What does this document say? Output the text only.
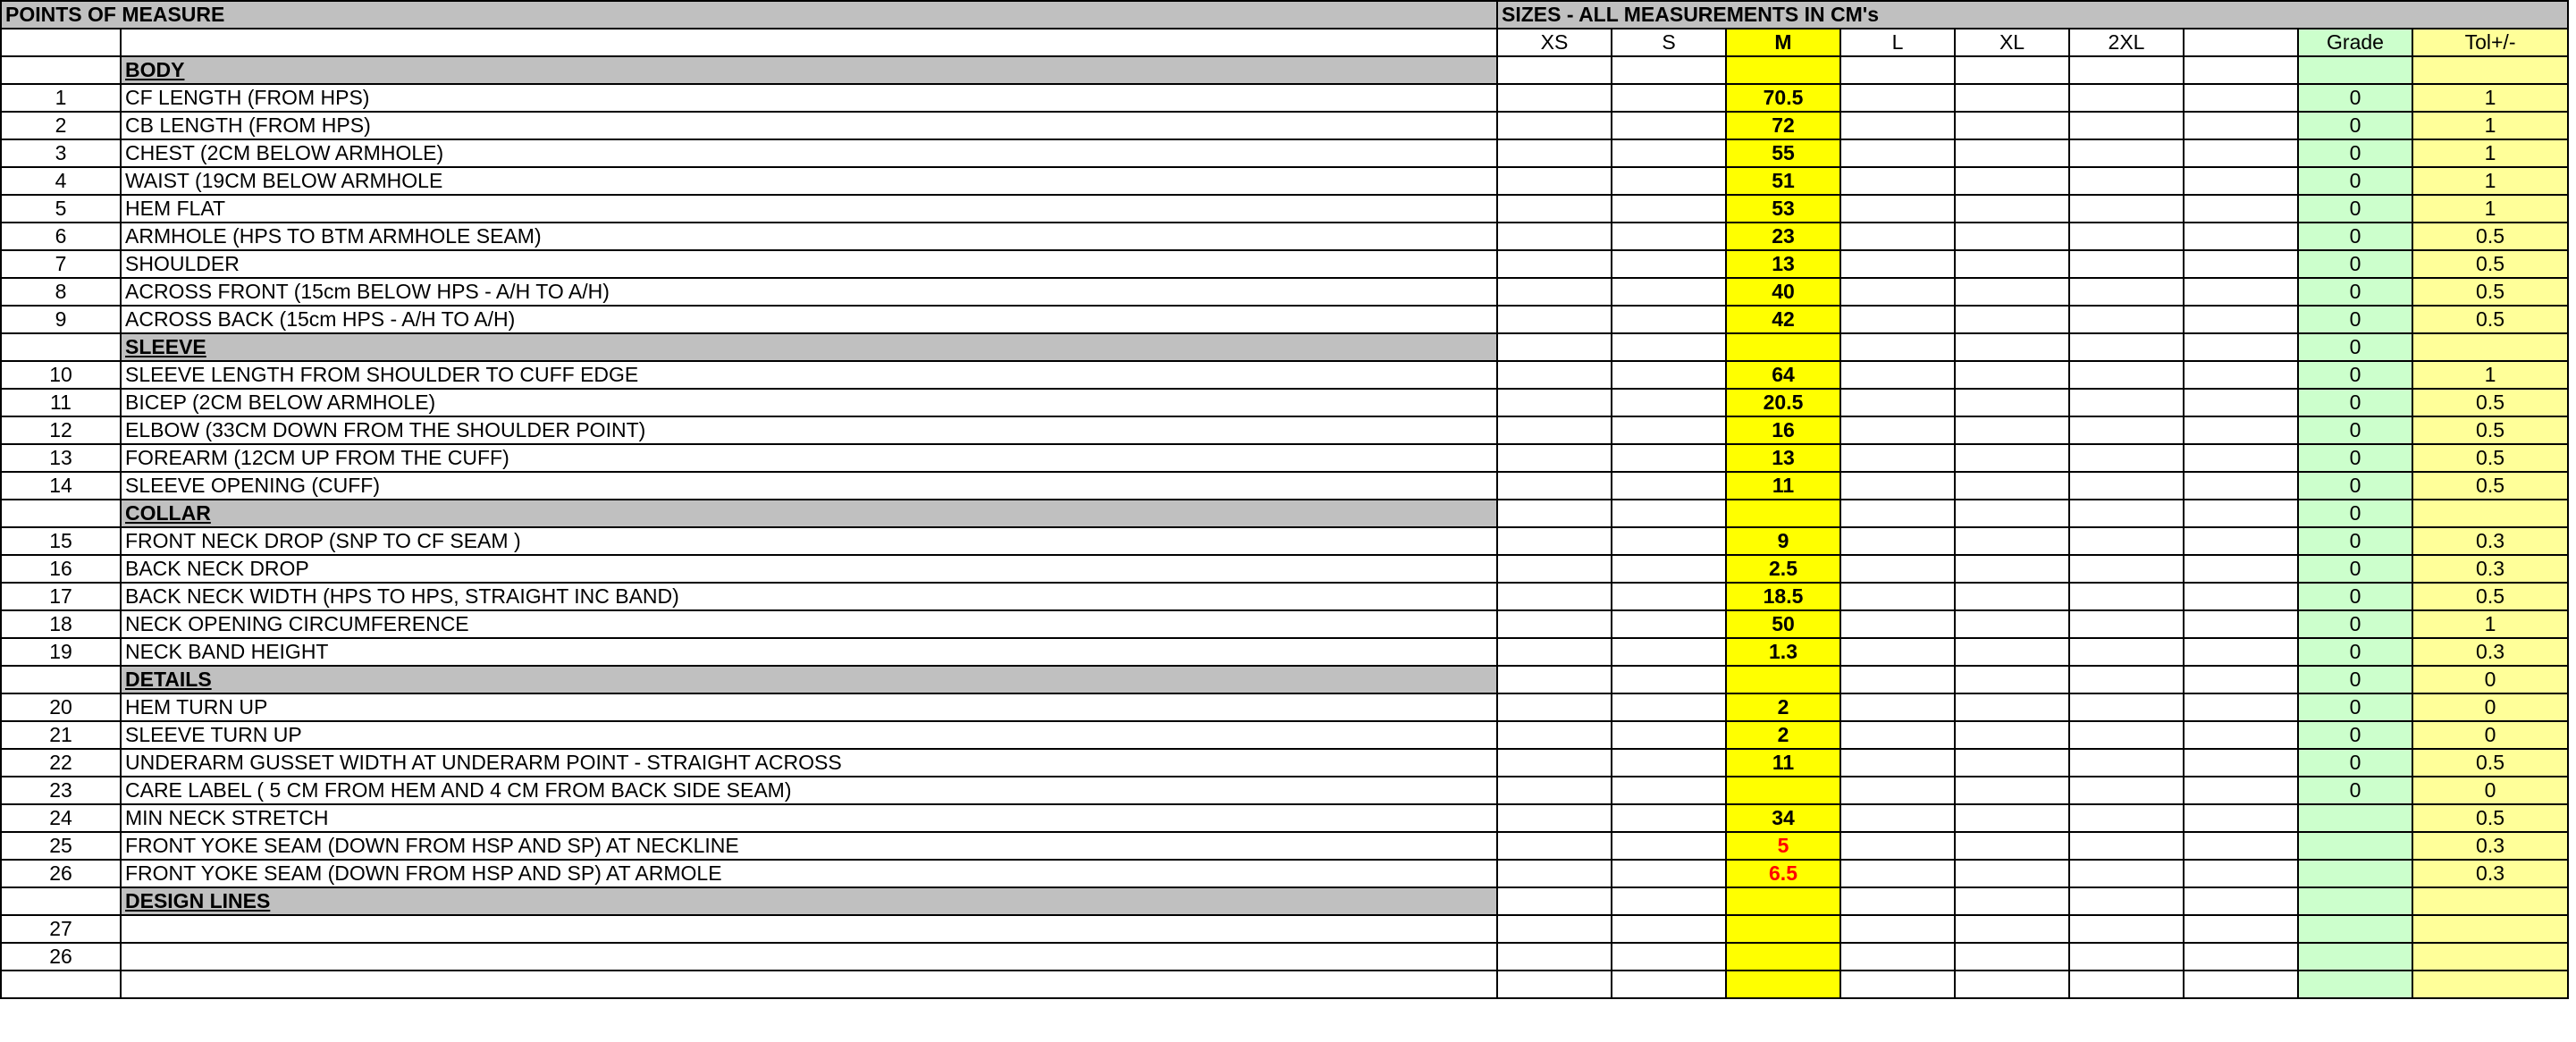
POINTS OF MEASURE		SIZES - ALL MEASUREMENTS IN CM's								
		XS	S	M	L	XL	2XL		Grade	Tol+/-
	BODY									
1	CF LENGTH (FROM HPS)			70.5					0	1
2	CB LENGTH (FROM HPS)			72					0	1
3	CHEST (2CM BELOW ARMHOLE)			55					0	1
4	WAIST (19CM BELOW ARMHOLE			51					0	1
5	HEM FLAT			53					0	1
6	ARMHOLE (HPS TO BTM ARMHOLE SEAM)			23					0	0.5
7	SHOULDER			13					0	0.5
8	ACROSS FRONT (15cm BELOW HPS - A/H TO A/H)			40					0	0.5
9	ACROSS BACK (15cm HPS - A/H TO A/H)			42					0	0.5
	SLEEVE								0	
10	SLEEVE LENGTH FROM SHOULDER TO CUFF EDGE			64					0	1
11	BICEP (2CM BELOW ARMHOLE)			20.5					0	0.5
12	ELBOW (33CM DOWN FROM THE SHOULDER POINT)			16					0	0.5
13	FOREARM (12CM UP FROM THE CUFF)			13					0	0.5
14	SLEEVE OPENING (CUFF)			11					0	0.5
	COLLAR								0	
15	FRONT NECK DROP (SNP TO CF SEAM )			9					0	0.3
16	BACK NECK DROP			2.5					0	0.3
17	BACK NECK WIDTH (HPS TO HPS, STRAIGHT INC BAND)			18.5					0	0.5
18	NECK OPENING CIRCUMFERENCE			50					0	1
19	NECK BAND HEIGHT			1.3					0	0.3
	DETAILS								0	0
20	HEM TURN UP			2					0	0
21	SLEEVE TURN UP			2					0	0
22	UNDERARM GUSSET WIDTH AT UNDERARM POINT - STRAIGHT ACROSS			11					0	0.5
23	CARE LABEL ( 5 CM FROM HEM AND 4 CM FROM BACK SIDE SEAM)								0	0
24	MIN NECK STRETCH			34						0.5
25	FRONT YOKE SEAM (DOWN FROM HSP AND SP) AT NECKLINE			5						0.3
26	FRONT YOKE SEAM (DOWN FROM HSP AND SP) AT ARMOLE			6.5						0.3
	DESIGN LINES									
27										
26										
